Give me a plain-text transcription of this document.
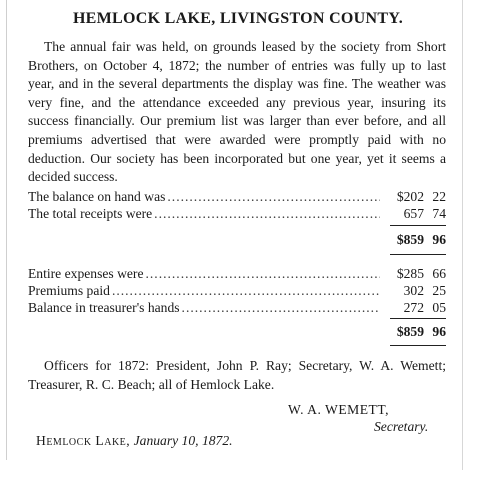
HEMLOCK LAKE, LIVINGSTON COUNTY.
The annual fair was held, on grounds leased by the society from Short Brothers, on October 4, 1872; the number of entries was fully up to last year, and in the several departments the display was fine. The weather was very fine, and the attendance exceeded any previous year, insuring its success financially. Our premium list was larger than ever before, and all premiums advertised that were awarded were promptly paid with no deduction. Our society has been incorporated but one year, yet it seems a decided success.
The balance on hand was .....	$202 22
The total receipts were .....	657 74
$859 96
Entire expenses were .....	$285 66
Premiums paid .....	302 25
Balance in treasurer's hands .....	272 05
$859 96
Officers for 1872: President, John P. Ray; Secretary, W. A. Wemett; Treasurer, R. C. Beach; all of Hemlock Lake.
W. A. WEMETT,
Secretary.
Hemlock Lake, January 10, 1872.
